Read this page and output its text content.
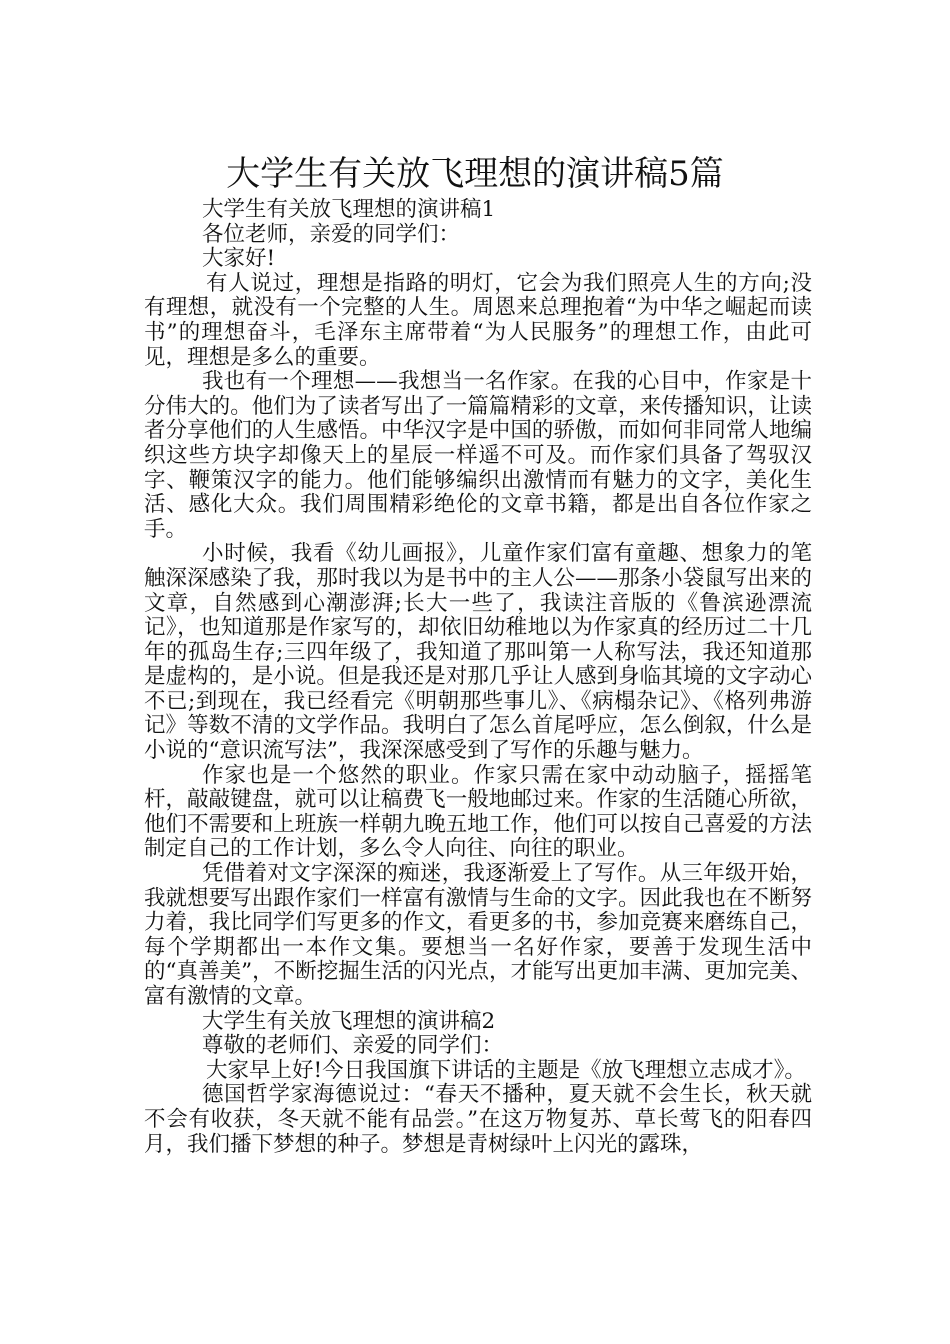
大学生有关放飞理想的演讲稿5篇

大学生有关放飞理想的演讲稿1

各位老师，亲爱的同学们：

大家好!

有人说过，理想是指路的明灯，它会为我们照亮人生的方向;没有理想，就没有一个完整的人生。周恩来总理抱着“为中华之崛起而读书”的理想奋斗，毛泽东主席带着“为人民服务”的理想工作，由此可见，理想是多么的重要。

我也有一个理想——我想当一名作家。在我的心目中，作家是十分伟大的。他们为了读者写出了一篇篇精彩的文章，来传播知识，让读者分享他们的人生感悟。中华汉字是中国的骄傲，而如何非同常人地编织这些方块字却像天上的星辰一样遥不可及。而作家们具备了驾驭汉字、鞭策汉字的能力。他们能够编织出激情而有魅力的文字，美化生活、感化大众。我们周围精彩绝伦的文章书籍，都是出自各位作家之手。

小时候，我看《幼儿画报》，儿童作家们富有童趣、想象力的笔触深深感染了我，那时我以为是书中的主人公——那条小袋鼠写出来的文章，自然感到心潮澎湃;长大一些了，我读注音版的《鲁滨逊漂流记》，也知道那是作家写的，却依旧幼稚地以为作家真的经历过二十几年的孤岛生存;三四年级了，我知道了那叫第一人称写法，我还知道那是虚构的，是小说。但是我还是对那几乎让人感到身临其境的文字动心不已;到现在，我已经看完《明朝那些事儿》、《病榻杂记》、《格列弗游记》等数不清的文学作品。我明白了怎么首尾呼应，怎么倒叙，什么是小说的“意识流写法”，我深深感受到了写作的乐趣与魅力。

作家也是一个悠然的职业。作家只需在家中动动脑子，摇摇笔杆，敲敲键盘，就可以让稿费飞一般地邮过来。作家的生活随心所欲，他们不需要和上班族一样朝九晚五地工作，他们可以按自己喜爱的方法制定自己的工作计划，多么令人向往、向往的职业。

凭借着对文字深深的痴迷，我逐渐爱上了写作。从三年级开始，我就想要写出跟作家们一样富有激情与生命的文字。因此我也在不断努力着，我比同学们写更多的作文，看更多的书，参加竞赛来磨练自己，每个学期都出一本作文集。要想当一名好作家，要善于发现生活中的“真善美”，不断挖掘生活的闪光点，才能写出更加丰满、更加完美、富有激情的文章。

大学生有关放飞理想的演讲稿2

尊敬的老师们、亲爱的同学们：

大家早上好!今日我国旗下讲话的主题是《放飞理想立志成才》。

德国哲学家海德说过：“春天不播种，夏天就不会生长，秋天就不会有收获，冬天就不能有品尝。”在这万物复苏、草长莺飞的阳春四月，我们播下梦想的种子。梦想是青树绿叶上闪光的露珠，
